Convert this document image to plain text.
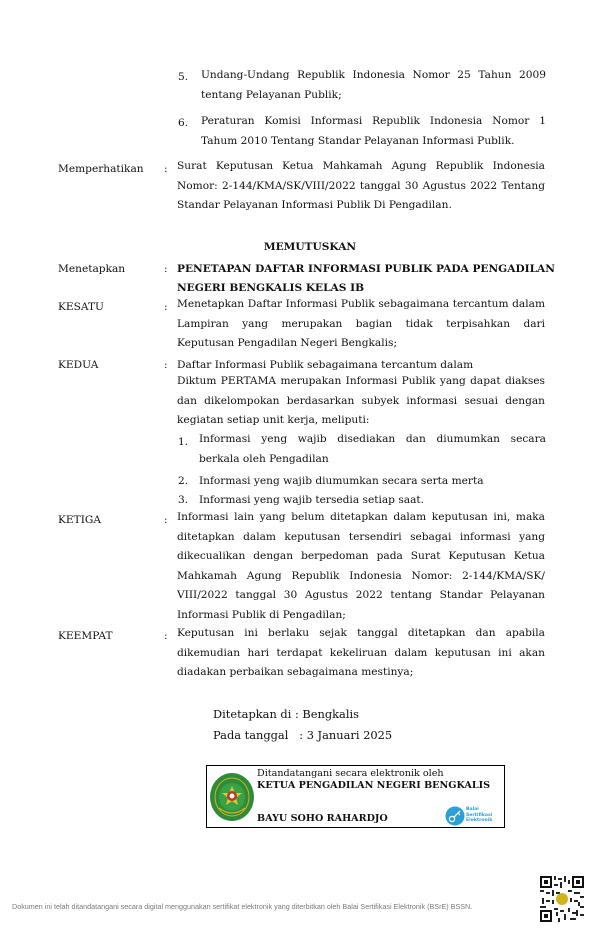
5. Undang-Undang Republik Indonesia Nomor 25 Tahun 2009 tentang Pelayanan Publik;
6. Peraturan Komisi Informasi Republik Indonesia Nomor 1 Tahum 2010 Tentang Standar Pelayanan Informasi Publik.
Memperhatikan : Surat Keputusan Ketua Mahkamah Agung Republik Indonesia Nomor: 2-144/KMA/SK/VIII/2022 tanggal 30 Agustus 2022 Tentang Standar Pelayanan Informasi Publik Di Pengadilan.
MEMUTUSKAN
Menetapkan	: PENETAPAN DAFTAR INFORMASI PUBLIK PADA PENGADILAN
NEGERI BENGKALIS KELAS IB
KESATU	: Menetapkan Daftar Informasi Publik sebagaimana tercantum dalam Lampiran yang merupakan bagian tidak terpisahkan dari Keputusan Pengadilan Negeri Bengkalis;
KEDUA	: Daftar Informasi Publik sebagaimana tercantum dalam
Diktum PERTAMA merupakan Informasi Publik yang dapat diakses dan dikelompokan berdasarkan subyek informasi sesuai dengan kegiatan setiap unit kerja, meliputi:
1. Informasi yeng wajib disediakan dan diumumkan secara berkala oleh Pengadilan
2. Informasi yeng wajib diumumkan secara serta merta
3. Informasi yeng wajib tersedia setiap saat.
KETIGA	: Informasi lain yang belum ditetapkan dalam keputusan ini, maka ditetapkan dalam keputusan tersendiri sebagai informasi yang dikecualikan dengan berpedoman pada Surat Keputusan Ketua Mahkamah Agung Republik Indonesia Nomor: 2-144/KMA/SK/ VIII/2022 tanggal 30 Agustus 2022 tentang Standar Pelayanan Informasi Publik di Pengadilan;
KEEMPAT	: Keputusan ini berlaku sejak tanggal ditetapkan dan apabila dikemudian hari terdapat kekeliruan dalam keputusan ini akan diadakan perbaikan sebagaimana mestinya;
Ditetapkan di : Bengkalis
Pada tanggal   : 3 Januari 2025
Ditandatangani secara elektronik oleh
KETUA PENGADILAN NEGERI BENGKALIS
BAYU SOHO RAHARDJO
Balai
Sertifikasi
Elektronik
Dokumen ini telah ditandatangani secara digital menggunakan sertifikat elektronik yang diterbitkan oleh Balai Sertifikasi Elektronik (BSrE) BSSN.
